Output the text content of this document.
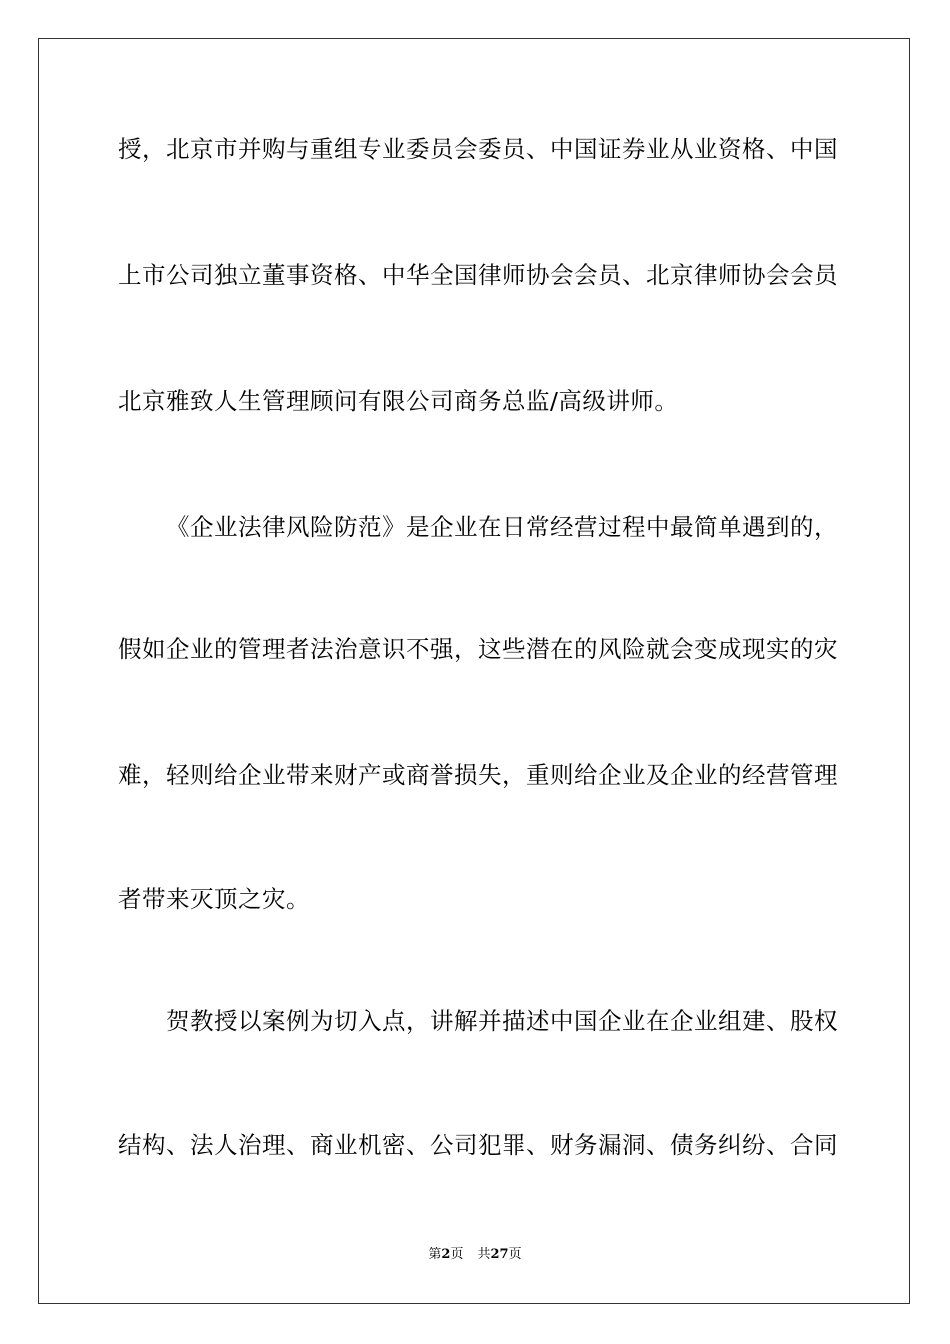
授，北京市并购与重组专业委员会委员、中国证券业从业资格、中国
上市公司独立董事资格、中华全国律师协会会员、北京律师协会会员
北京雅致人生管理顾问有限公司商务总监/高级讲师。
《企业法律风险防范》是企业在日常经营过程中最简单遇到的，
假如企业的管理者法治意识不强，这些潜在的风险就会变成现实的灾
难，轻则给企业带来财产或商誉损失，重则给企业及企业的经营管理
者带来灭顶之灾。
贺教授以案例为切入点，讲解并描述中国企业在企业组建、股权
结构、法人治理、商业机密、公司犯罪、财务漏洞、债务纠纷、合同
第2页 共27页
